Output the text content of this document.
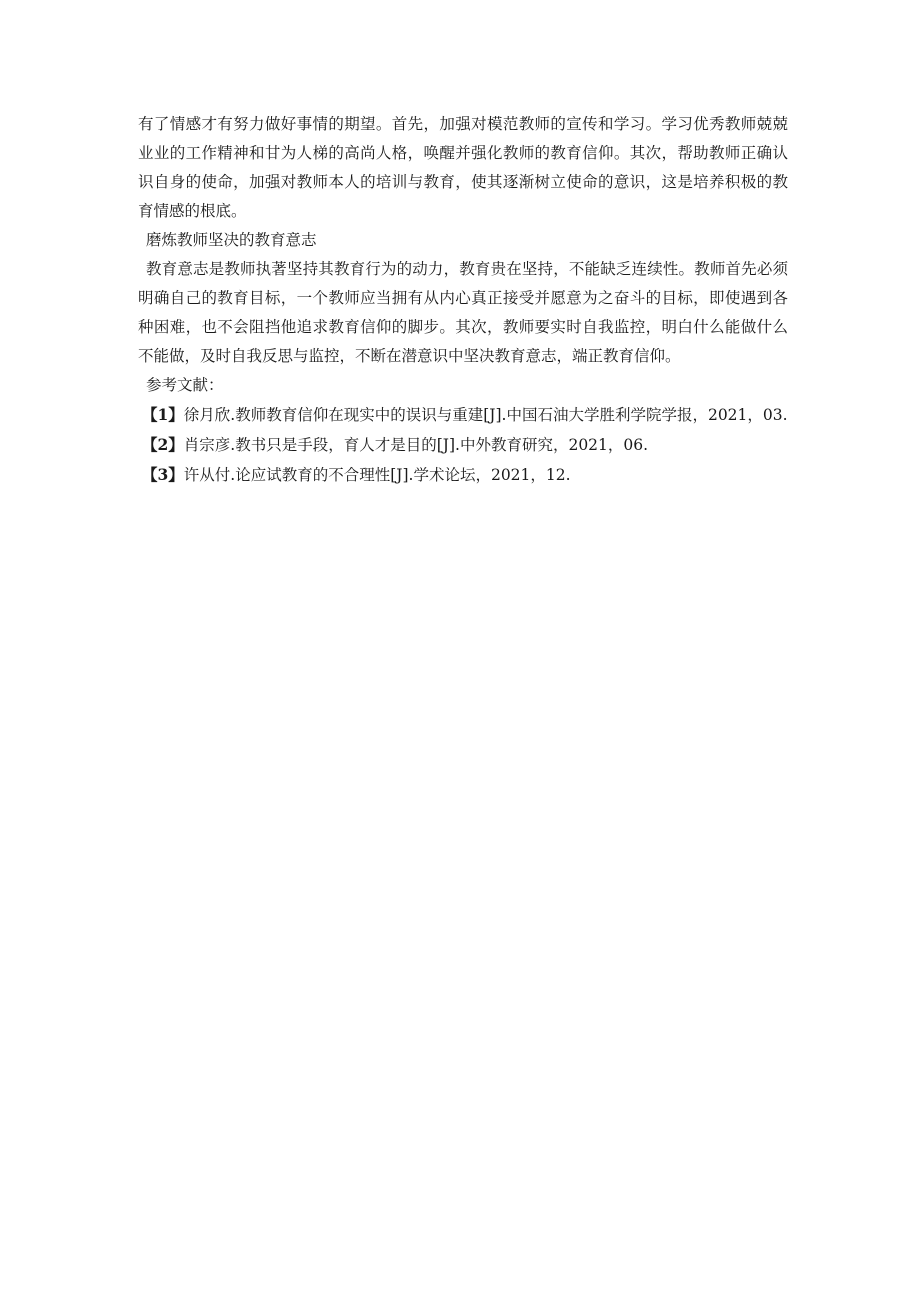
有了情感才有努力做好事情的期望。首先，加强对模范教师的宣传和学习。学习优秀教师兢兢业业的工作精神和甘为人梯的高尚人格，唤醒并强化教师的教育信仰。其次，帮助教师正确认识自身的使命，加强对教师本人的培训与教育，使其逐渐树立使命的意识，这是培养积极的教育情感的根底。

磨炼教师坚决的教育意志

教育意志是教师执著坚持其教育行为的动力，教育贵在坚持，不能缺乏连续性。教师首先必须明确自己的教育目标，一个教师应当拥有从内心真正接受并愿意为之奋斗的目标，即使遇到各种困难，也不会阻挡他追求教育信仰的脚步。其次，教师要实时自我监控，明白什么能做什么不能做，及时自我反思与监控，不断在潜意识中坚决教育意志，端正教育信仰。

参考文献：

【1】徐月欣.教师教育信仰在现实中的误识与重建[J].中国石油大学胜利学院学报，2021，03.

【2】肖宗彦.教书只是手段，育人才是目的[J].中外教育研究，2021，06.

【3】许从付.论应试教育的不合理性[J].学术论坛，2021，12.
